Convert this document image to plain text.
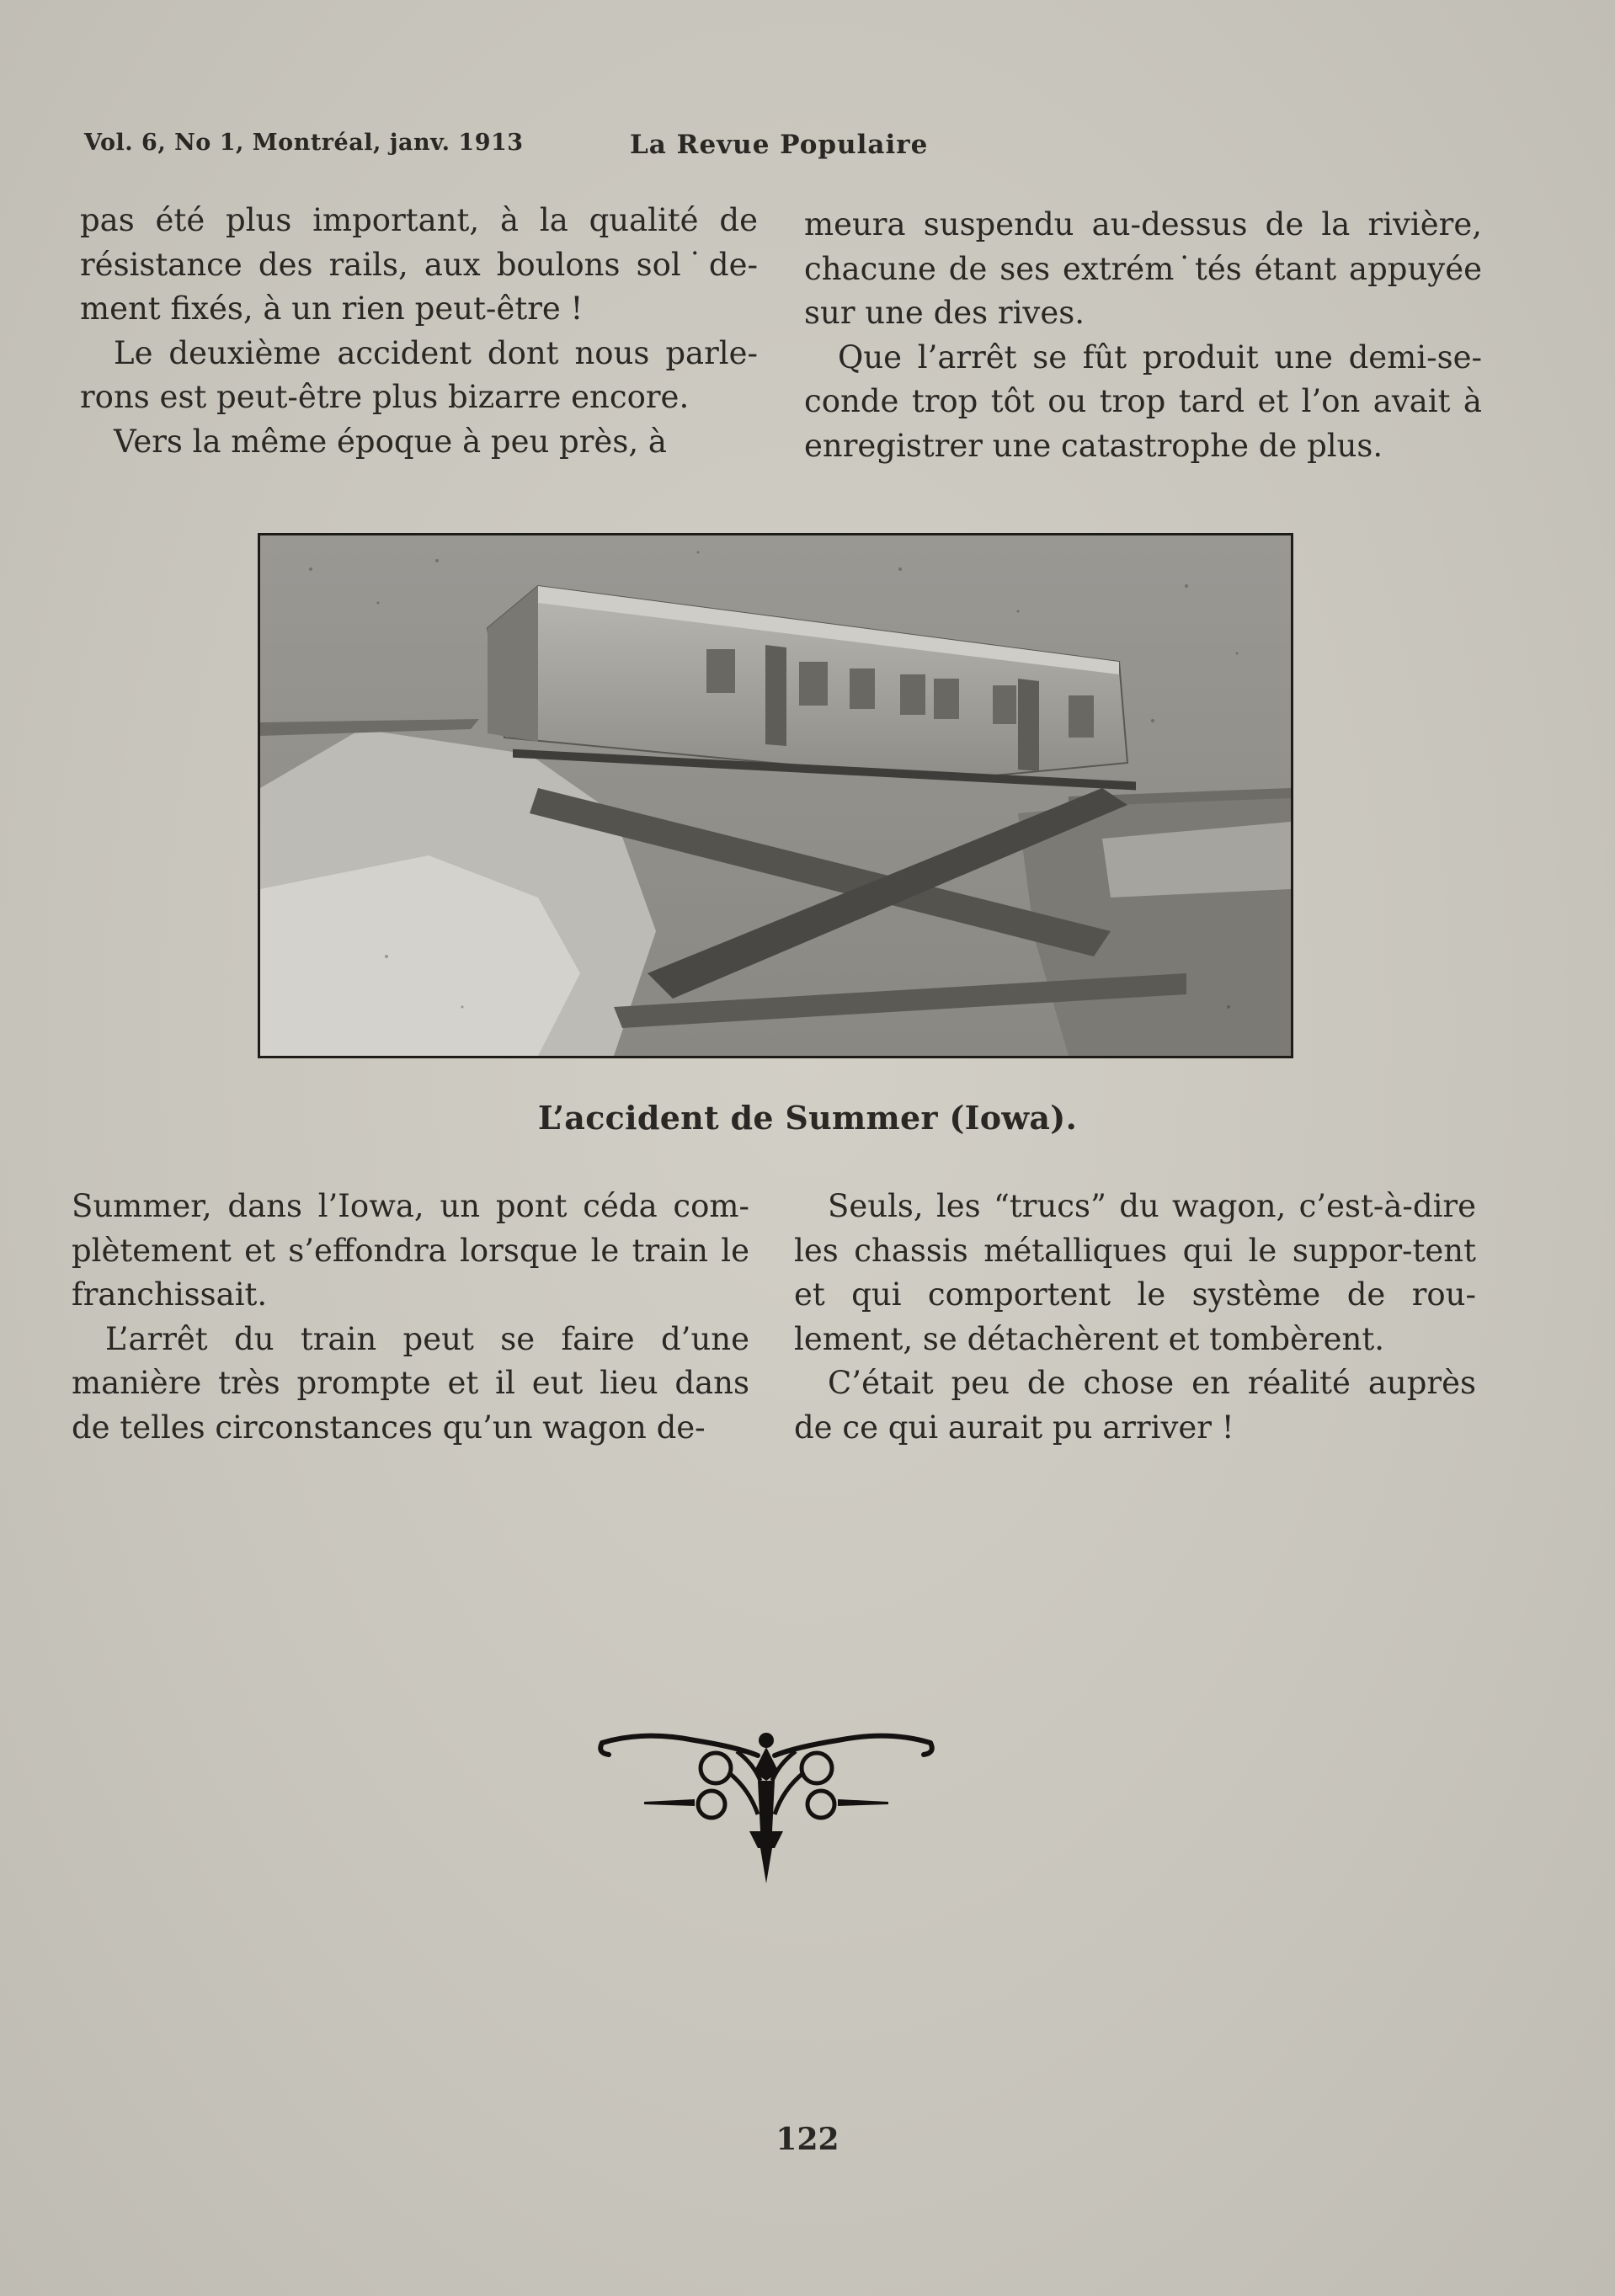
Vol. 6, No 1, Montréal, janv. 1913	La Revue Populaire

pas été plus important, à la qualité de résistance des rails, aux boulons sol˙de-ment fixés, à un rien peut-être !

Le deuxième accident dont nous parle-rons est peut-être plus bizarre encore.

Vers la même époque à peu près, à

meura suspendu au-dessus de la rivière, chacune de ses extrém˙tés étant appuyée sur une des rives.

Que l’arrêt se fût produit une demi-se-conde trop tôt ou trop tard et l’on avait à enregistrer une catastrophe de plus.

L’accident de Summer (Iowa).

Summer, dans l’Iowa, un pont céda com-plètement et s’effondra lorsque le train le franchissait.

L’arrêt du train peut se faire d’une manière très prompte et il eut lieu dans de telles circonstances qu’un wagon de-

Seuls, les “trucs” du wagon, c’est-à-dire les chassis métalliques qui le suppor-tent et qui comportent le système de rou-lement, se détachèrent et tombèrent.

C’était peu de chose en réalité auprès de ce qui aurait pu arriver !

122
